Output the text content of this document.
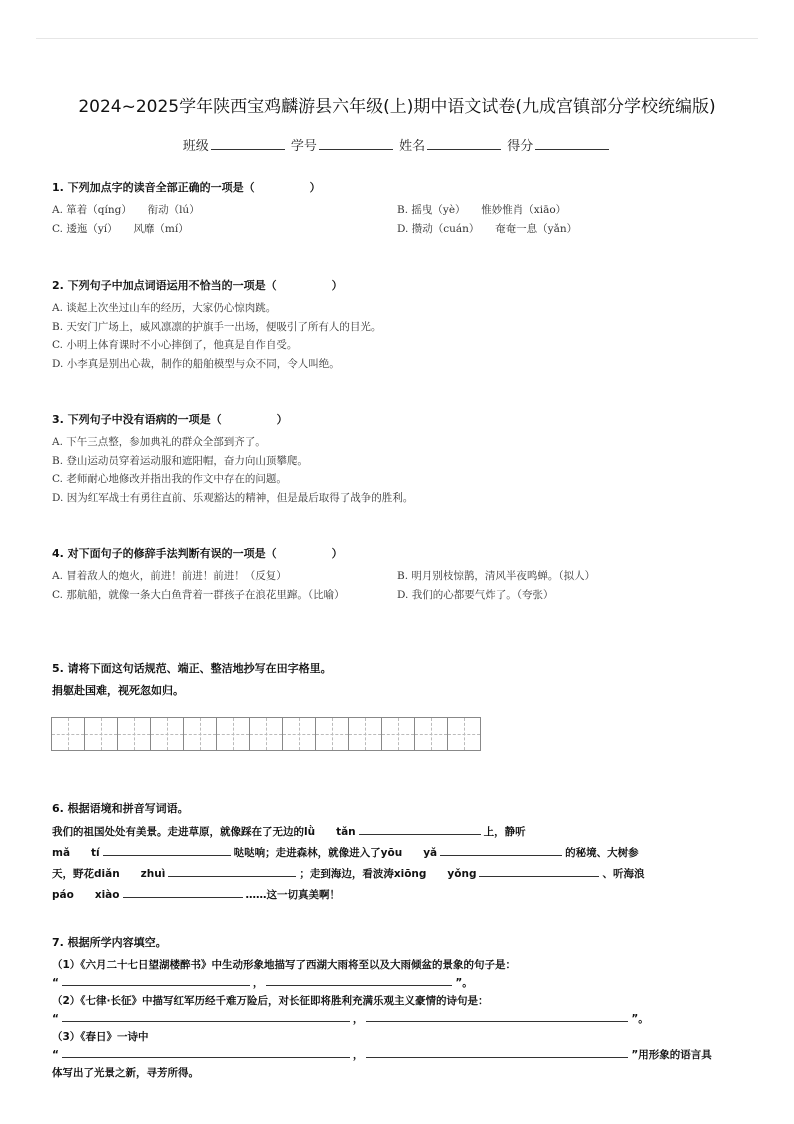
2024~2025学年陕西宝鸡麟游县六年级(上)期中语文试卷(九成宫镇部分学校统编版)
班级	学号	姓名	得分
1. 下列加点字的读音全部正确的一项是（　　　　　）
A. 箪着（qíng）　　衔动（lú）	B. 摇曳（yè）　　惟妙惟肖（xiāo）
C. 逶迤（yí）　　风靡（mí）	D. 攒动（cuán）　　奄奄一息（yǎn）
2. 下列句子中加点词语运用不恰当的一项是（　　　　　）
A. 谈起上次坐过山车的经历，大家仍心惊肉跳。
B. 天安门广场上，威风凛凛的护旗手一出场，便吸引了所有人的目光。
C. 小明上体育课时不小心摔倒了，他真是自作自受。
D. 小李真是别出心裁，制作的船舶模型与众不同，令人叫绝。
3. 下列句子中没有语病的一项是（　　　　　）
A. 下午三点整，参加典礼的群众全部到齐了。
B. 登山运动员穿着运动服和遮阳帽，奋力向山顶攀爬。
C. 老师耐心地修改并指出我的作文中存在的问题。
D. 因为红军战士有勇往直前、乐观豁达的精神，但是最后取得了战争的胜利。
4. 对下面句子的修辞手法判断有误的一项是（　　　　　）
A. 冒着敌人的炮火，前进！前进！前进！（反复）	B. 明月别枝惊鹊，清风半夜鸣蝉。（拟人）
C. 那航船，就像一条大白鱼背着一群孩子在浪花里蹿。（比喻）	D. 我们的心都要气炸了。（夸张）
5. 请将下面这句话规范、端正、整洁地抄写在田字格里。
捐躯赴国难，视死忽如归。
6. 根据语境和拼音写词语。
我们的祖国处处有美景。走进草原，就像踩在了无边的lǜ　　tǎn	上，静听
mǎ　　tí	哒哒响；走进森林，就像进入了yōu　　yǎ	的秘境、大树参
天，野花diǎn　　zhuì	；走到海边，看波涛xiōng　　yǒng	、听海浪
páo　　xiào	……这一切真美啊！
7. 根据所学内容填空。
（1）《六月二十七日望湖楼醉书》中生动形象地描写了西湖大雨将至以及大雨倾盆的景象的句子是：
“	，	”。
（2）《七律·长征》中描写红军历经千难万险后，对长征即将胜利充满乐观主义豪情的诗句是：
“	，	”。
（3）《春日》一诗中
“	，	”用形象的语言具
体写出了光景之新，寻芳所得。
